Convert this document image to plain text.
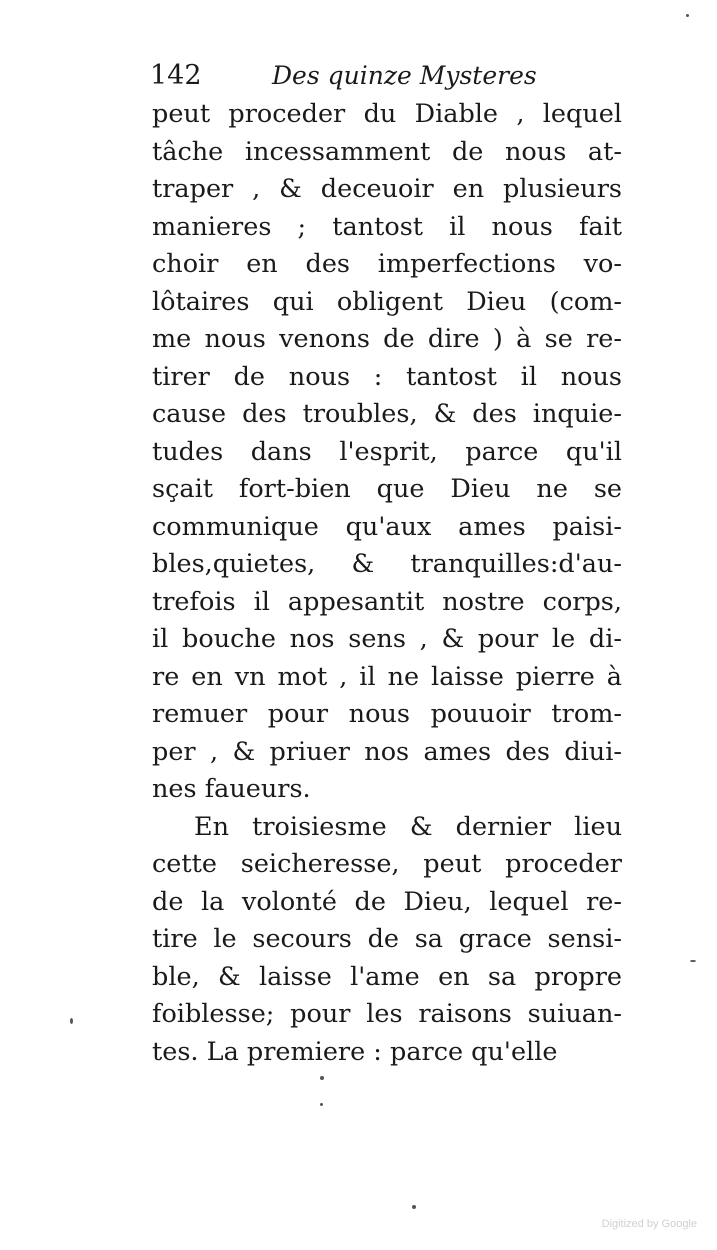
142	Des quinze Mysteres
peut proceder du Diable , lequel
tâche incessamment de nous at-
traper , & deceuoir en plusieurs
manieres ; tantost il nous fait
choir en des imperfections vo-
lôtaires qui obligent Dieu (com-
me nous venons de dire ) à se re-
tirer de nous : tantost il nous
cause des troubles, & des inquie-
tudes dans l'esprit, parce qu'il
sçait fort-bien que Dieu ne se
communique qu'aux ames paisi-
bles,quietes, & tranquilles:d'au-
trefois il appesantit nostre corps,
il bouche nos sens , & pour le di-
re en vn mot , il ne laisse pierre à
remuer pour nous pouuoir trom-
per , & priuer nos ames des diui-
nes faueurs.
En troisiesme & dernier lieu
cette seicheresse, peut proceder
de la volonté de Dieu, lequel re-
tire le secours de sa grace sensi-
ble, & laisse l'ame en sa propre
foiblesse; pour les raisons suiuan-
tes. La premiere : parce qu'elle
Digitized by Google
